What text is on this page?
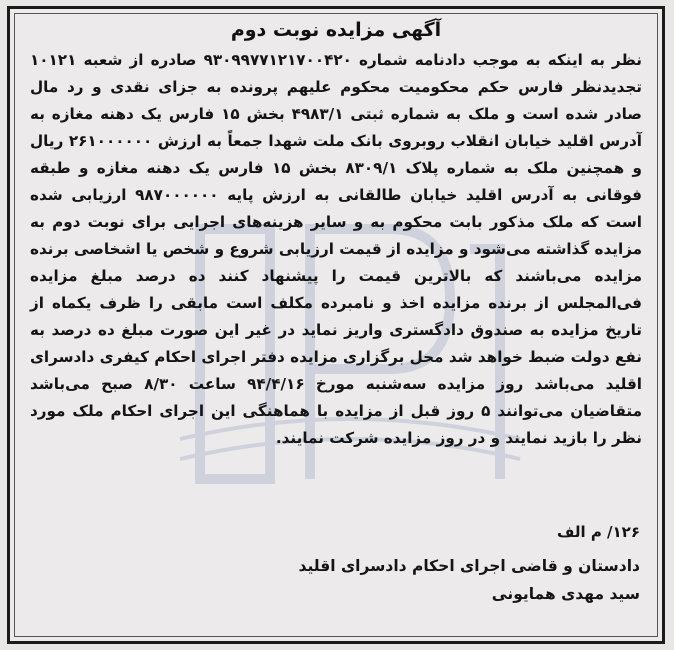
آگهی مزایده نوبت دوم

نظر به اینکه به موجب دادنامه شماره ۹۳۰۹۹۷۷۱۲۱۷۰۰۴۲۰ صادره از شعبه ۱۰۱۲۱ تجدیدنظر فارس حکم محکومیت محکوم علیهم پرونده به جزای نقدی و رد مال صادر شده است و ملک به شماره ثبتی ۴۹۸۳/۱ بخش ۱۵ فارس یک دهنه مغازه به آدرس اقلید خیابان انقلاب روبروی بانک ملت شهدا جمعاً به ارزش ۲۶۱۰۰۰۰۰۰ ریال و همچنین ملک به شماره پلاک ۸۳۰۹/۱ بخش ۱۵ فارس یک دهنه مغازه و طبقه فوقانی به آدرس اقلید خیابان طالقانی به ارزش پایه ۹۸۷۰۰۰۰۰۰ ارزیابی شده است که ملک مذکور بابت محکوم به و سایر هزینه‌های اجرایی برای نوبت دوم به مزایده گذاشته می‌شود و مزایده از قیمت ارزیابی شروع و شخص یا اشخاصی برنده مزایده می‌باشند که بالاترین قیمت را پیشنهاد کنند ده درصد مبلغ مزایده فی‌المجلس از برنده مزایده اخذ و نامبرده مکلف است مابقی را ظرف یکماه از تاریخ مزایده به صندوق دادگستری واریز نماید در غیر این صورت مبلغ ده درصد به نفع دولت ضبط خواهد شد محل برگزاری مزایده دفتر اجرای احکام کیفری دادسرای اقلید می‌باشد روز مزایده سه‌شنبه مورخ ۹۴/۴/۱۶ ساعت ۸/۳۰ صبح می‌باشد متقاضیان می‌توانند ۵ روز قبل از مزایده با هماهنگی این اجرای احکام ملک مورد نظر را بازید نمایند و در روز مزایده شرکت نمایند.

۱۲۶/ م الف
دادستان و قاضی اجرای احکام دادسرای اقلید
سید مهدی همایونی
